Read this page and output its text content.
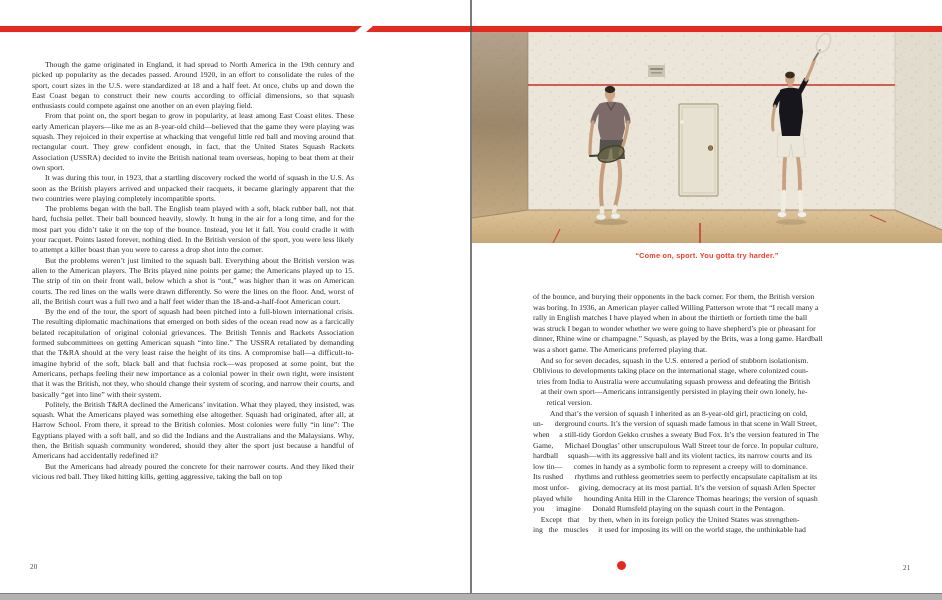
Though the game originated in England, it had spread to North America in the 19th century and picked up popularity as the decades passed. Around 1920, in an effort to consolidate the rules of the sport, court sizes in the U.S. were standardized at 18 and a half feet. At once, clubs up and down the East Coast began to construct their new courts according to official dimensions, so that squash enthusiasts could compete against one another on an even playing field.

From that point on, the sport began to grow in popularity, at least among East Coast elites. These early American players—like me as an 8-year-old child—believed that the game they were playing was squash. They rejoiced in their expertise at whacking that vengeful little red ball and moving around that rectangular court. They grew confident enough, in fact, that the United States Squash Rackets Association (USSRA) decided to invite the British national team overseas, hoping to beat them at their own sport.

It was during this tour, in 1923, that a startling discovery rocked the world of squash in the U.S. As soon as the British players arrived and unpacked their racquets, it became glaringly apparent that the two countries were playing completely incompatible sports.

The problems began with the ball. The English team played with a soft, black rubber ball, not that hard, fuchsia pellet. Their ball bounced heavily, slowly. It hung in the air for a long time, and for the most part you didn’t take it on the top of the bounce. Instead, you let it fall. You could cradle it with your racquet. Points lasted forever, nothing died. In the British version of the sport, you were less likely to attempt a killer boast than you were to caress a drop shot into the corner.

But the problems weren’t just limited to the squash ball. Everything about the British version was alien to the American players. The Brits played nine points per game; the Americans played up to 15. The strip of tin on their front wall, below which a shot is “out,” was higher than it was on American courts. The red lines on the walls were drawn differently. So were the lines on the floor. And, worst of all, the British court was a full two and a half feet wider than the 18-and-a-half-foot American court.

By the end of the tour, the sport of squash had been pitched into a full-blown international crisis. The resulting diplomatic machinations that emerged on both sides of the ocean read now as a farcically belated recapitulation of original colonial grievances. The British Tennis and Rackets Association formed subcommittees on getting American squash “into line.” The USSRA retaliated by demanding that the T&RA should at the very least raise the height of its tins. A compromise ball—a difficult-to-imagine hybrid of the soft, black ball and that fuchsia rock—was proposed at some point, but the Americans, perhaps feeling their new importance as a colonial power in their own right, were insistent that it was the British, not they, who should change their system of scoring, and narrow their courts, and basically “get into line” with their system.

Politely, the British T&RA declined the Americans’ invitation. What they played, they insisted, was squash. What the Americans played was something else altogether. Squash had originated, after all, at Harrow School. From there, it spread to the British colonies. Most colonies were fully “in line”: The Egyptians played with a soft ball, and so did the Indians and the Australians and the Malaysians. Why, then, the British squash community wondered, should they alter the sport just because a handful of Americans had accidentally redefined it?

But the Americans had already poured the concrete for their narrower courts. And they liked their vicious red ball. They liked hitting kills, getting aggressive, taking the ball on top

20
“Come on, sport. You gotta try harder.”
of the bounce, and burying their opponents in the back corner. For them, the British version
was boring. In 1936, an American player called Willing Patterson wrote that “I recall many a
rally in English matches I have played when in about the thirtieth or fortieth time the ball
was struck I began to wonder whether we were going to have shepherd’s pie or pheasant for
dinner, Rhine wine or champagne.” Squash, as played by the Brits, was a long game. Hardball
was a short game. The Americans preferred playing that.
And so for seven decades, squash in the U.S. entered a period of stubborn isolationism.
Oblivious to developments taking place on the international stage, where colonized coun-
tries from India to Australia were accumulating squash prowess and defeating the British
at their own sport—Americans intransigently persisted in playing their own lonely, he-
retical version.
And that’s the version of squash I inherited as an 8-year-old girl, practicing on cold,
un-      derground courts. It’s the version of squash made famous in that scene in Wall Street,
when     a still-tidy Gordon Gekko crushes a sweaty Bud Fox. It’s the version featured in The
Game,      Michael Douglas’ other unscrupulous Wall Street tour de force. In popular culture,
hardball     squash—with its aggressive ball and its violent tactics, its narrow courts and its
low tin—      comes in handy as a symbolic form to represent a creepy will to dominance.
Its rushed      rhythms and ruthless geometries seem to perfectly encapsulate capitalism at its
most unfor-     giving, democracy at its most partial. It’s the version of squash Arlen Specter
played while      hounding Anita Hill in the Clarence Thomas hearings; the version of squash
you      imagine      Donald Rumsfeld playing on the squash court in the Pentagon.
Except   that     by then, when in its foreign policy the United States was strengthen-
ing   the   muscles     it used for imposing its will on the world stage, the unthinkable had
21
